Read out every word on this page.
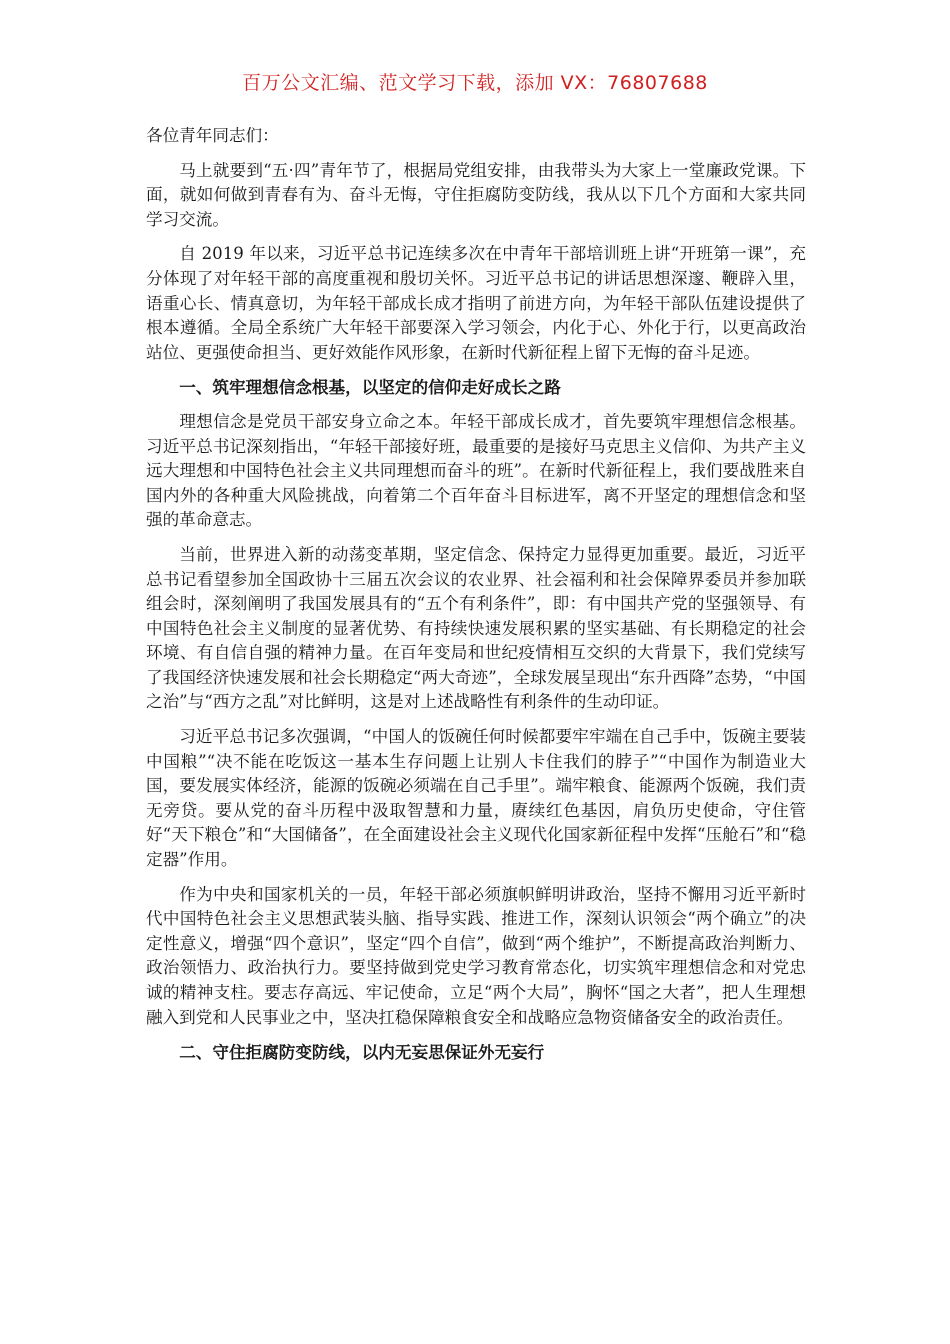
百万公文汇编、范文学习下载，添加 VX：76807688

各位青年同志们：

马上就要到“五·四”青年节了，根据局党组安排，由我带头为大家上一堂廉政党课。下面，就如何做到青春有为、奋斗无悔，守住拒腐防变防线，我从以下几个方面和大家共同学习交流。

自 2019 年以来，习近平总书记连续多次在中青年干部培训班上讲“开班第一课”，充分体现了对年轻干部的高度重视和殷切关怀。习近平总书记的讲话思想深邃、鞭辟入里，语重心长、情真意切，为年轻干部成长成才指明了前进方向，为年轻干部队伍建设提供了根本遵循。全局全系统广大年轻干部要深入学习领会，内化于心、外化于行，以更高政治站位、更强使命担当、更好效能作风形象，在新时代新征程上留下无悔的奋斗足迹。

一、筑牢理想信念根基，以坚定的信仰走好成长之路

理想信念是党员干部安身立命之本。年轻干部成长成才，首先要筑牢理想信念根基。习近平总书记深刻指出，“年轻干部接好班，最重要的是接好马克思主义信仰、为共产主义远大理想和中国特色社会主义共同理想而奋斗的班”。在新时代新征程上，我们要战胜来自国内外的各种重大风险挑战，向着第二个百年奋斗目标进军，离不开坚定的理想信念和坚强的革命意志。

当前，世界进入新的动荡变革期，坚定信念、保持定力显得更加重要。最近，习近平总书记看望参加全国政协十三届五次会议的农业界、社会福利和社会保障界委员并参加联组会时，深刻阐明了我国发展具有的“五个有利条件”，即：有中国共产党的坚强领导、有中国特色社会主义制度的显著优势、有持续快速发展积累的坚实基础、有长期稳定的社会环境、有自信自强的精神力量。在百年变局和世纪疫情相互交织的大背景下，我们党续写了我国经济快速发展和社会长期稳定“两大奇迹”，全球发展呈现出“东升西降”态势，“中国之治”与“西方之乱”对比鲜明，这是对上述战略性有利条件的生动印证。

习近平总书记多次强调，“中国人的饭碗任何时候都要牢牢端在自己手中，饭碗主要装中国粮”“决不能在吃饭这一基本生存问题上让别人卡住我们的脖子”“中国作为制造业大国，要发展实体经济，能源的饭碗必须端在自己手里”。端牢粮食、能源两个饭碗，我们责无旁贷。要从党的奋斗历程中汲取智慧和力量，赓续红色基因，肩负历史使命，守住管好“天下粮仓”和“大国储备”，在全面建设社会主义现代化国家新征程中发挥“压舱石”和“稳定器”作用。

作为中央和国家机关的一员，年轻干部必须旗帜鲜明讲政治，坚持不懈用习近平新时代中国特色社会主义思想武装头脑、指导实践、推进工作，深刻认识领会“两个确立”的决定性意义，增强“四个意识”，坚定“四个自信”，做到“两个维护”，不断提高政治判断力、政治领悟力、政治执行力。要坚持做到党史学习教育常态化，切实筑牢理想信念和对党忠诚的精神支柱。要志存高远、牢记使命，立足“两个大局”，胸怀“国之大者”，把人生理想融入到党和人民事业之中，坚决扛稳保障粮食安全和战略应急物资储备安全的政治责任。

二、守住拒腐防变防线，以内无妄思保证外无妄行
